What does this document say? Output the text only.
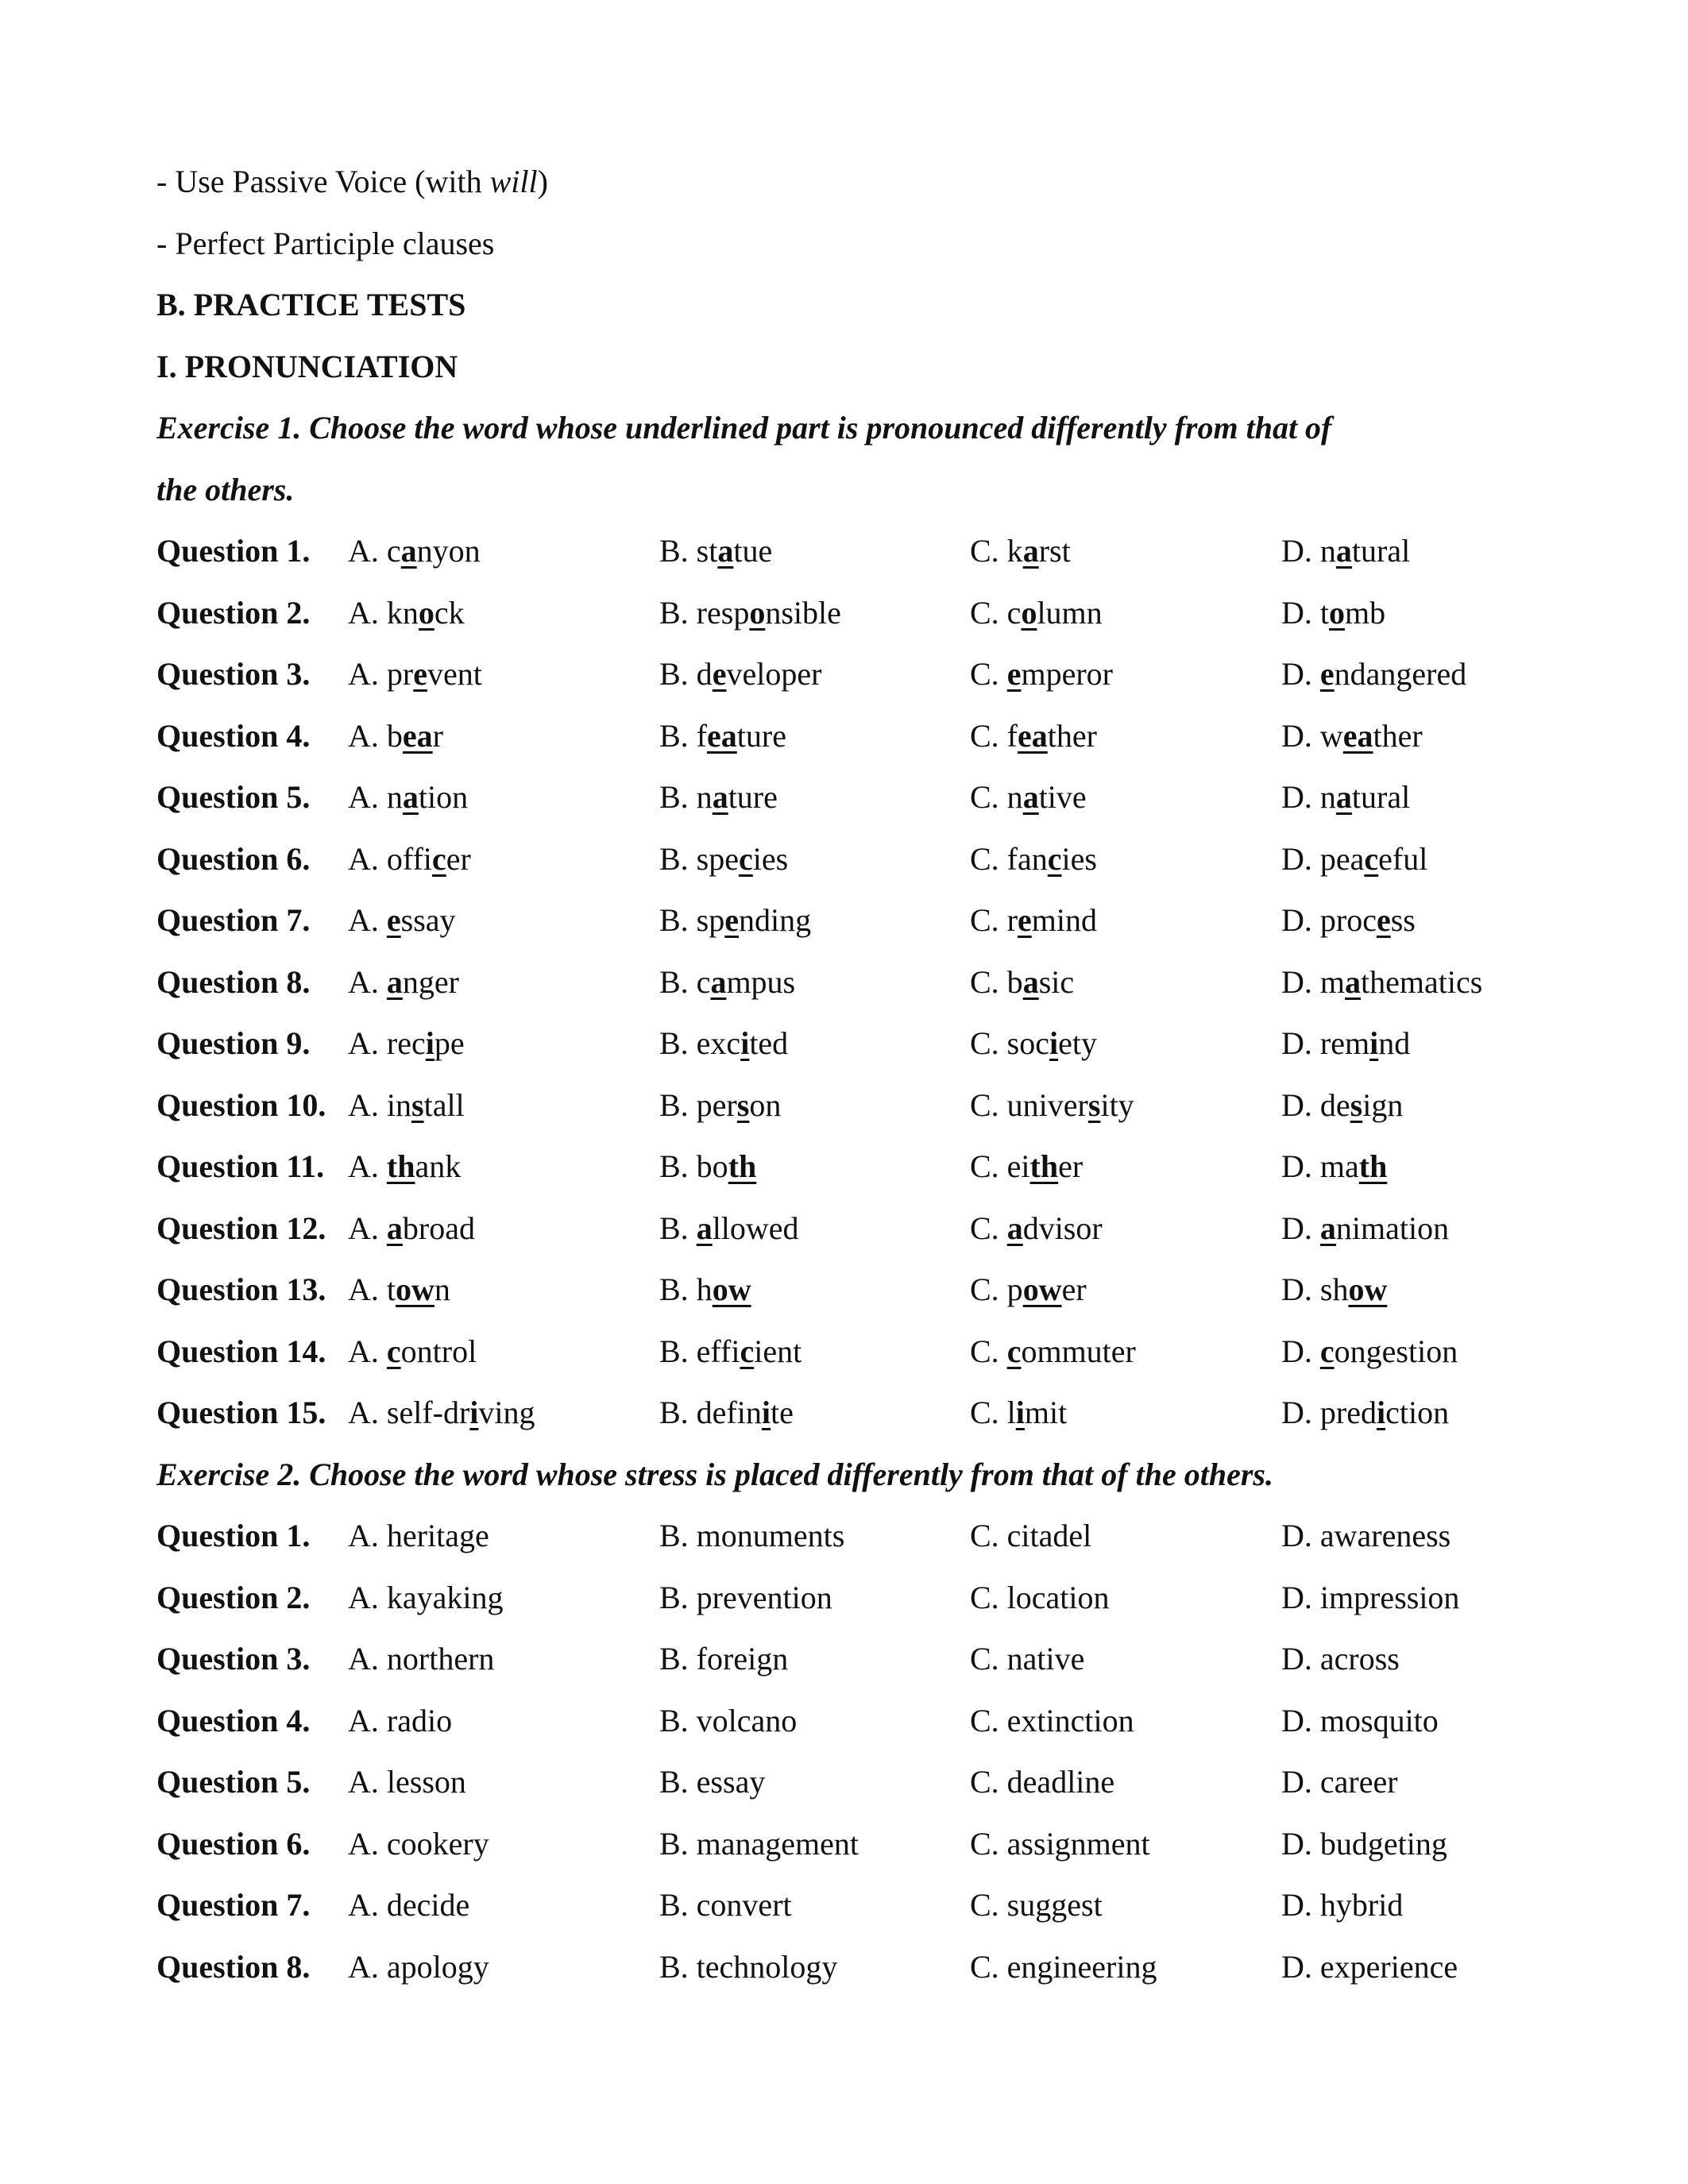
- Use Passive Voice (with will)
- Perfect Participle clauses
B. PRACTICE TESTS
I. PRONUNCIATION
Exercise 1. Choose the word whose underlined part is pronounced differently from that of
the others.
Question 1.	A. canyon	B. statue	C. karst	D. natural
Question 2.	A. knock	B. responsible	C. column	D. tomb
Question 3.	A. prevent	B. developer	C. emperor	D. endangered
Question 4.	A. bear	B. feature	C. feather	D. weather
Question 5.	A. nation	B. nature	C. native	D. natural
Question 6.	A. officer	B. species	C. fancies	D. peaceful
Question 7.	A. essay	B. spending	C. remind	D. process
Question 8.	A. anger	B. campus	C. basic	D. mathematics
Question 9.	A. recipe	B. excited	C. society	D. remind
Question 10. A. install	B. person	C. university	D. design
Question 11. A. thank	B. both	C. either	D. math
Question 12. A. abroad	B. allowed	C. advisor	D. animation
Question 13. A. town	B. how	C. power	D. show
Question 14. A. control	B. efficient	C. commuter	D. congestion
Question 15. A. self-driving	B. definite	C. limit	D. prediction
Exercise 2. Choose the word whose stress is placed differently from that of the others.
Question 1.	A. heritage	B. monuments	C. citadel	D. awareness
Question 2.	A. kayaking	B. prevention	C. location	D. impression
Question 3.	A. northern	B. foreign	C. native	D. across
Question 4.	A. radio	B. volcano	C. extinction	D. mosquito
Question 5.	A. lesson	B. essay	C. deadline	D. career
Question 6.	A. cookery	B. management	C. assignment	D. budgeting
Question 7.	A. decide	B. convert	C. suggest	D. hybrid
Question 8.	A. apology	B. technology	C. engineering	D. experience
